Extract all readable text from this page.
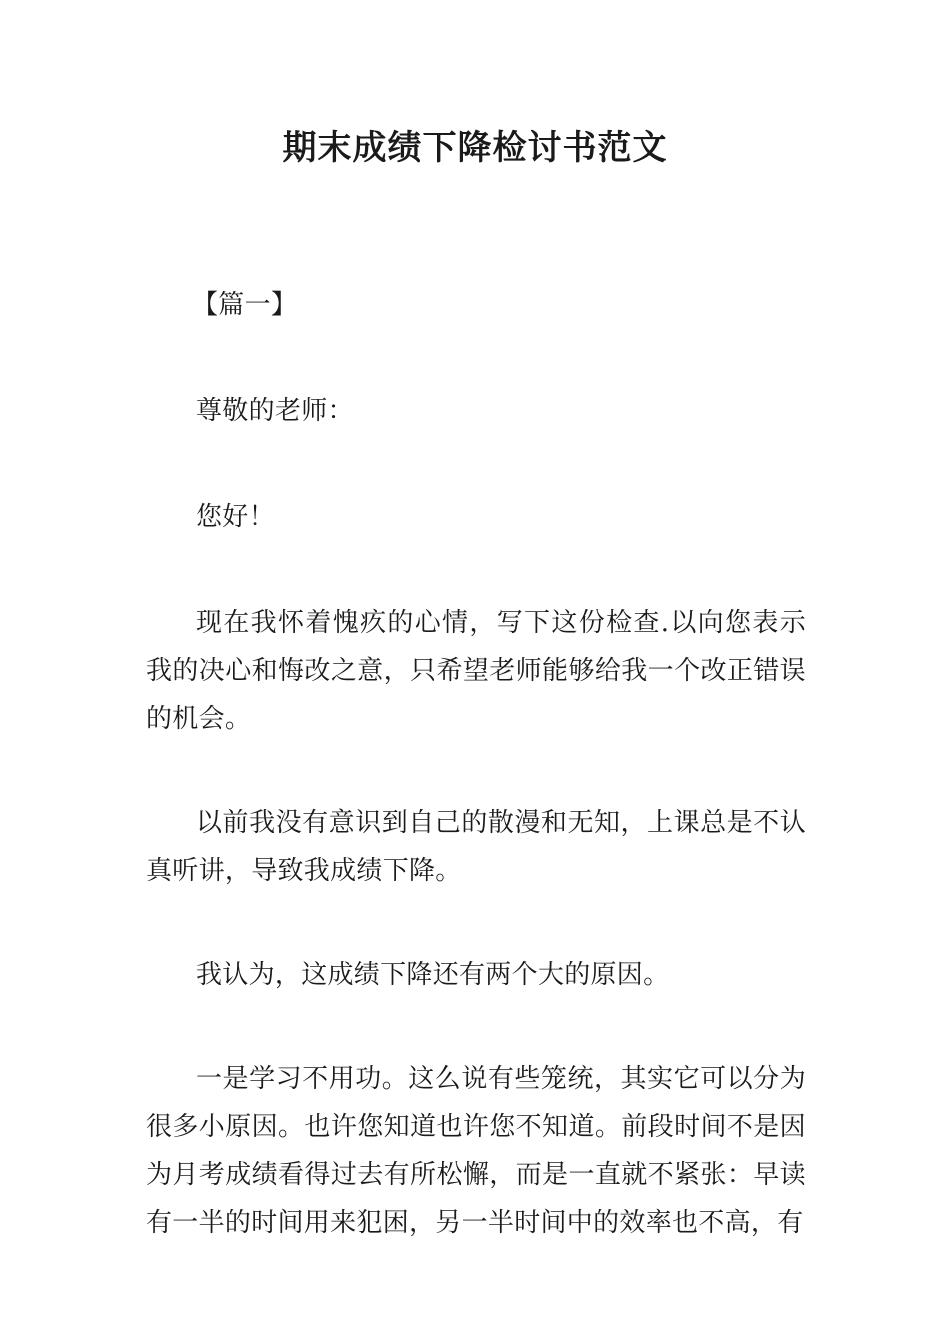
期末成绩下降检讨书范文

【篇一】

尊敬的老师：

您好！

现在我怀着愧疚的心情，写下这份检查.以向您表示我的决心和悔改之意，只希望老师能够给我一个改正错误的机会。

以前我没有意识到自己的散漫和无知，上课总是不认真听讲，导致我成绩下降。

我认为，这成绩下降还有两个大的原因。

一是学习不用功。这么说有些笼统，其实它可以分为很多小原因。也许您知道也许您不知道。前段时间不是因为月考成绩看得过去有所松懈，而是一直就不紧张：早读有一半的时间用来犯困，另一半时间中的效率也不高，有
